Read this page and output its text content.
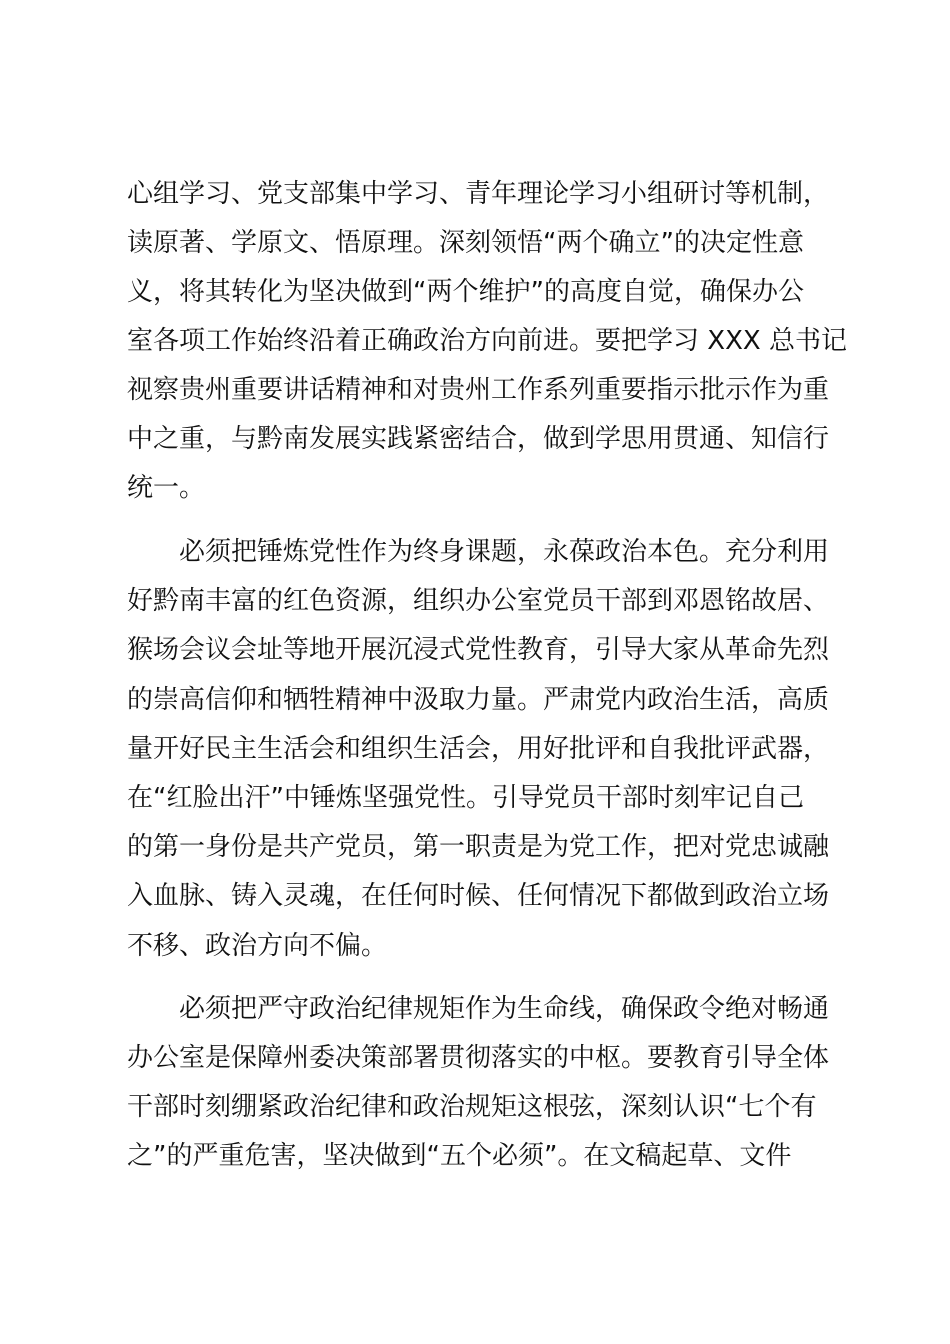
心组学习、党支部集中学习、青年理论学习小组研讨等机制，
读原著、学原文、悟原理。深刻领悟“两个确立”的决定性意
义，将其转化为坚决做到“两个维护”的高度自觉，确保办公
室各项工作始终沿着正确政治方向前进。要把学习 XXX 总书记
视察贵州重要讲话精神和对贵州工作系列重要指示批示作为重
中之重，与黔南发展实践紧密结合，做到学思用贯通、知信行
统一。
必须把锤炼党性作为终身课题，永葆政治本色。充分利用
好黔南丰富的红色资源，组织办公室党员干部到邓恩铭故居、
猴场会议会址等地开展沉浸式党性教育，引导大家从革命先烈
的崇高信仰和牺牲精神中汲取力量。严肃党内政治生活，高质
量开好民主生活会和组织生活会，用好批评和自我批评武器，
在“红脸出汗”中锤炼坚强党性。引导党员干部时刻牢记自己
的第一身份是共产党员，第一职责是为党工作，把对党忠诚融
入血脉、铸入灵魂，在任何时候、任何情况下都做到政治立场
不移、政治方向不偏。
必须把严守政治纪律规矩作为生命线，确保政令绝对畅通
办公室是保障州委决策部署贯彻落实的中枢。要教育引导全体
干部时刻绷紧政治纪律和政治规矩这根弦，深刻认识“七个有
之”的严重危害，坚决做到“五个必须”。在文稿起草、文件
